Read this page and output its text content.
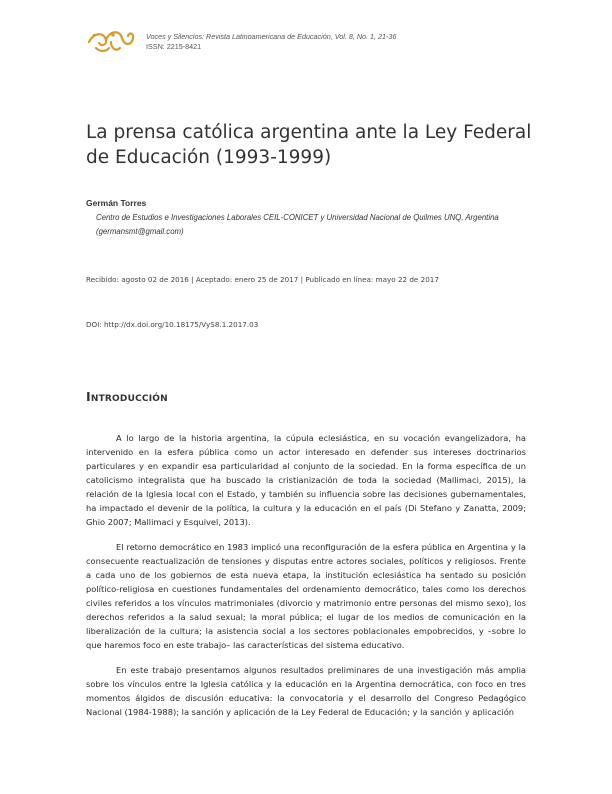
Voces y Silencios: Revista Latinoamericana de Educación, Vol. 8, No. 1, 21-36
ISSN: 2215-8421
La prensa católica argentina ante la Ley Federal de Educación (1993-1999)
Germán Torres
Centro de Estudios e Investigaciones Laborales CEIL-CONICET y Universidad Nacional de Quilmes UNQ, Argentina (germansmt@gmail.com)
Recibido: agosto 02 de 2016 | Aceptado: enero 25 de 2017 | Publicado en línea: mayo 22 de 2017
DOI: http://dx.doi.org/10.18175/VyS8.1.2017.03
Introducción

A lo largo de la historia argentina, la cúpula eclesiástica, en su vocación evangelizadora, ha intervenido en la esfera pública como un actor interesado en defender sus intereses doctrinarios particulares y en expandir esa particularidad al conjunto de la sociedad. En la forma específica de un catolicismo integralista que ha buscado la cristianización de toda la sociedad (Mallimaci, 2015), la relación de la Iglesia local con el Estado, y también su influencia sobre las decisiones gubernamentales, ha impactado el devenir de la política, la cultura y la educación en el país (Di Stefano y Zanatta, 2009; Ghio 2007; Mallimaci y Esquivel, 2013).

El retorno democrático en 1983 implicó una reconfiguración de la esfera pública en Argentina y la consecuente reactualización de tensiones y disputas entre actores sociales, políticos y religiosos. Frente a cada uno de los gobiernos de esta nueva etapa, la institución eclesiástica ha sentado su posición político-religiosa en cuestiones fundamentales del ordenamiento democrático, tales como los derechos civiles referidos a los vínculos matrimoniales (divorcio y matrimonio entre personas del mismo sexo), los derechos referidos a la salud sexual; la moral pública; el lugar de los medios de comunicación en la liberalización de la cultura; la asistencia social a los sectores poblacionales empobrecidos, y –sobre lo que haremos foco en este trabajo– las características del sistema educativo.

En este trabajo presentamos algunos resultados preliminares de una investigación más amplia sobre los vínculos entre la Iglesia católica y la educación en la Argentina democrática, con foco en tres momentos álgidos de discusión educativa: la convocatoria y el desarrollo del Congreso Pedagógico Nacional (1984-1988); la sanción y aplicación de la Ley Federal de Educación; y la sanción y aplicación
